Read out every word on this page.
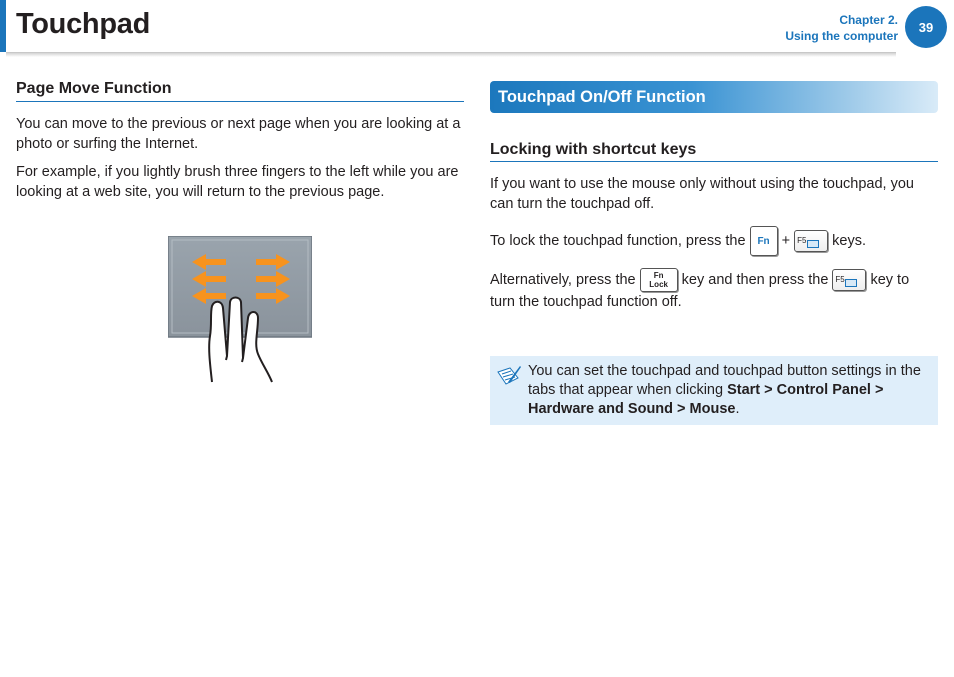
Touchpad	Chapter 2.
Using the computer
39
Page Move Function

You can move to the previous or next page when you are looking at a photo or surfing the Internet.

For example, if you lightly brush three fingers to the left while you are looking at a web site, you will return to the previous page.

Touchpad On/Off Function
Locking with shortcut keys

If you want to use the mouse only without using the touchpad, you can turn the touchpad off.

To lock the touchpad function, press the Fn + F5 keys.

Alternatively, press the	Fn
Lock key and then press the F5 key to turn the touchpad function off.

You can set the touchpad and touchpad button settings in the tabs that appear when clicking Start > Control Panel > Hardware and Sound > Mouse.
